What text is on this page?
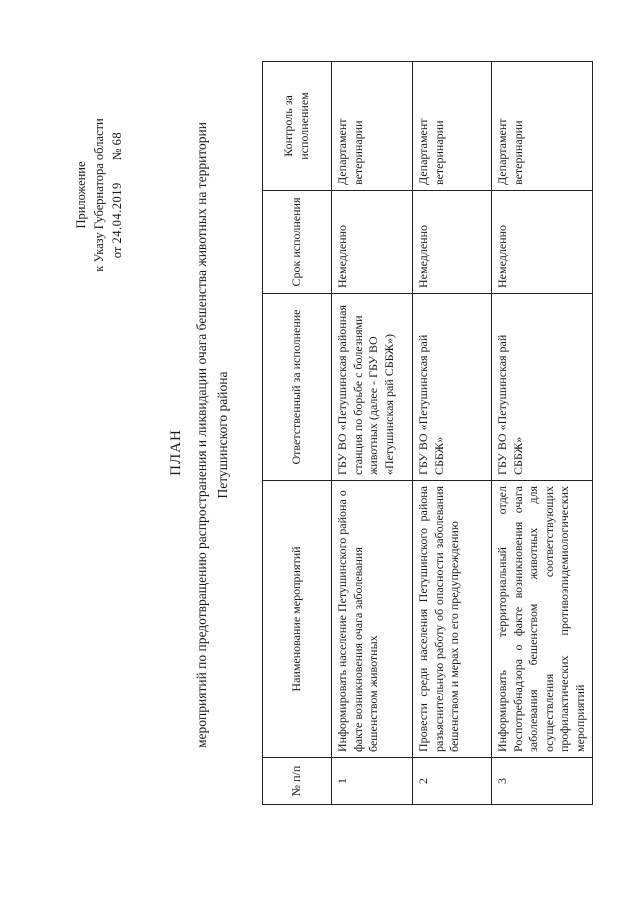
Приложение к Указу Губернатора области от 24.04.2019       № 68
ПЛАН мероприятий по предотвращению распространения и ликвидации очага бешенства животных на территории Петушинского района
№ п/п	Наименование мероприятий	Ответственный за исполнение	Срок исполнения	Контроль за исполнением
1	Информировать население Петушинского района о факте возникновения очага заболевания бешенством животных	ГБУ ВО «Петушинская районная станция по борьбе с болезнями животных (далее - ГБУ ВО «Петушинская рай СББЖ»)	Немедленно	Департамент ветеринарии
2	Провести среди населения Петушинского района разъяснительную работу об опасности заболевания бешенством и мерах по его предупреждению	ГБУ ВО «Петушинская рай СББЖ»	Немедленно	Департамент ветеринарии
3	Информировать территориальный отдел Роспотребнадзора о факте возникновения очага заболевания бешенством животных для осуществления соответствующих профилактических противоэпидемиологических мероприятий	ГБУ ВО «Петушинская рай СББЖ»	Немедленно	Департамент ветеринарии
